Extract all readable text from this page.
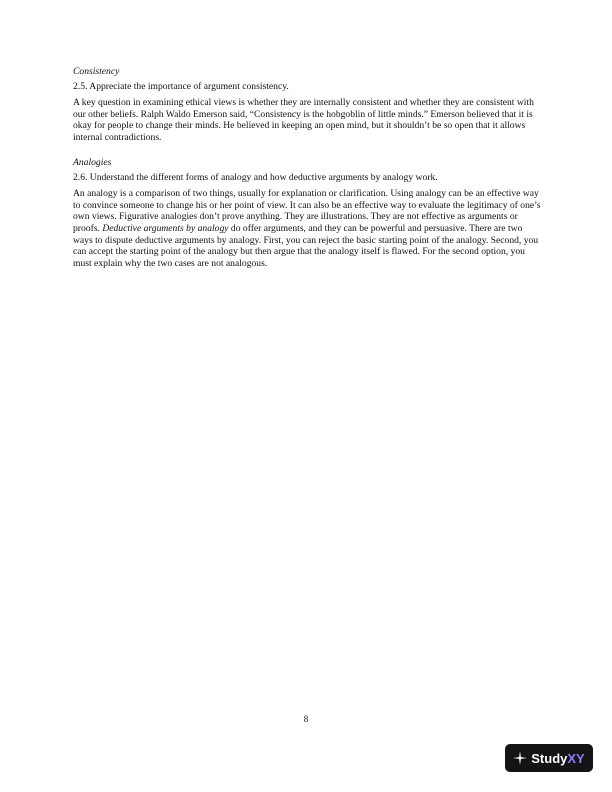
Consistency

2.5. Appreciate the importance of argument consistency.

A key question in examining ethical views is whether they are internally consistent and whether they are consistent with our other beliefs. Ralph Waldo Emerson said, “Consistency is the hobgoblin of little minds.” Emerson believed that it is okay for people to change their minds. He believed in keeping an open mind, but it shouldn’t be so open that it allows internal contradictions.

Analogies

2.6. Understand the different forms of analogy and how deductive arguments by analogy work.

An analogy is a comparison of two things, usually for explanation or clarification. Using analogy can be an effective way to convince someone to change his or her point of view. It can also be an effective way to evaluate the legitimacy of one’s own views. Figurative analogies don’t prove anything. They are illustrations. They are not effective as arguments or proofs. Deductive arguments by analogy do offer arguments, and they can be powerful and persuasive. There are two ways to dispute deductive arguments by analogy. First, you can reject the basic starting point of the analogy. Second, you can accept the starting point of the analogy but then argue that the analogy itself is flawed. For the second option, you must explain why the two cases are not analogous.

8
StudyXY
